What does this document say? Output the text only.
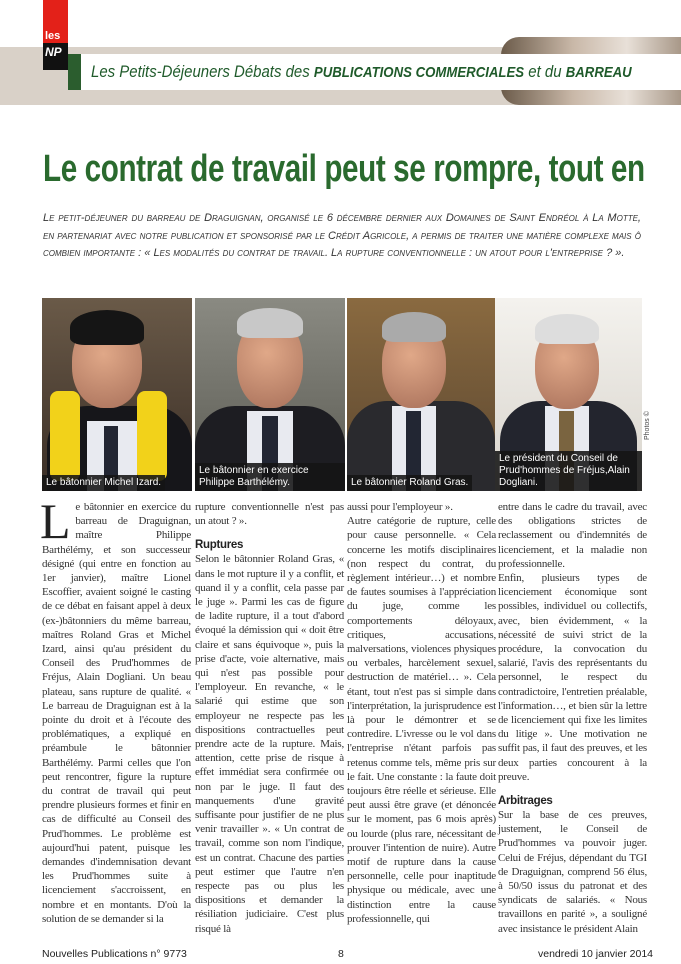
les
NP
Les Petits-Déjeuners Débats des PUBLICATIONS COMMERCIALES et du BARREAU
Le contrat de travail peut se rompre, tout en

Le petit-déjeuner du barreau de Draguignan, organisé le 6 décembre dernier aux Domaines de Saint Endréol à La Motte, en partenariat avec notre publication et sponsorisé par le Crédit Agricole, a permis de traiter une matière complexe mais ô combien importante : « Les modalités du contrat de travail. La rupture conventionnelle : un atout pour l'entreprise ? ».

Le bâtonnier Michel Izard.
Le bâtonnier en exercice Philippe Barthélémy.	Le bâtonnier Roland Gras.
Le président du Conseil de Prud'hommes de Fréjus,Alain Dogliani.
Photos ©
L e bâtonnier en exercice du barreau de Draguignan, maître Philippe Barthélémy, et son successeur désigné (qui entre en fonction au 1er janvier), maître Lionel Escoffier, avaient soigné le casting de ce débat en faisant appel à deux (ex-)bâtonniers du même barreau, maîtres Roland Gras et Michel Izard, ainsi qu'au président du Conseil des Prud'hommes de Fréjus, Alain Dogliani. Un beau plateau, sans rupture de qualité. « Le barreau de Draguignan est à la pointe du droit et à l'écoute des problématiques, a expliqué en préambule le bâtonnier Barthélémy. Parmi celles que l'on peut rencontrer, figure la rupture du contrat de travail qui peut prendre plusieurs formes et finir en cas de difficulté au Conseil des Prud'hommes. Le problème est aujourd'hui patent, puisque les demandes d'indemnisation devant les Prud'hommes suite à licenciement s'accroissent, en nombre et en montants. D'où la solution de se demander si la

rupture conventionnelle n'est pas un atout ? ».

Ruptures

Selon le bâtonnier Roland Gras, « dans le mot rupture il y a conflit, et quand il y a conflit, cela passe par le juge ». Parmi les cas de figure de ladite rupture, il a tout d'abord évoqué la démission qui « doit être claire et sans équivoque », puis la prise d'acte, voie alternative, mais qui n'est pas possible pour l'employeur. En revanche, « le salarié qui estime que son employeur ne respecte pas les dispositions contractuelles peut prendre acte de la rupture. Mais, attention, cette prise de risque à effet immédiat sera confirmée ou non par le juge. Il faut des manquements d'une gravité suffisante pour justifier de ne plus venir travailler ». « Un contrat de travail, comme son nom l'indique, est un contrat. Chacune des parties peut estimer que l'autre n'en respecte pas ou plus les dispositions et demander la résiliation judiciaire. C'est plus risqué là

aussi pour l'employeur ».

Autre catégorie de rupture, celle pour cause personnelle. « Cela concerne les motifs disciplinaires (non respect du contrat, du règlement intérieur…) et nombre de fautes soumises à l'appréciation du juge, comme les comportements déloyaux, critiques, accusations, malversations, violences physiques ou verbales, harcèlement sexuel, destruction de matériel… ». Cela étant, tout n'est pas si simple dans l'interprétation, la jurisprudence est là pour le démontrer et se contredire. L'ivresse ou le vol dans l'entreprise n'étant parfois pas retenus comme tels, même pris sur le fait. Une constante : la faute doit toujours être réelle et sérieuse. Elle peut aussi être grave (et dénoncée sur le moment, pas 6 mois après) ou lourde (plus rare, nécessitant de prouver l'intention de nuire). Autre motif de rupture dans la cause personnelle, celle pour inaptitude physique ou médicale, avec une distinction entre la cause professionnelle, qui

entre dans le cadre du travail, avec des obligations strictes de reclassement ou d'indemnités de licenciement, et la maladie non professionnelle.

Enfin, plusieurs types de licenciement économique sont possibles, individuel ou collectifs, avec, bien évidemment, « la nécessité de suivi strict de la procédure, la convocation du salarié, l'avis des représentants du personnel, le respect du contradictoire, l'entretien préalable, l'information…, et bien sûr la lettre de licenciement qui fixe les limites du litige ». Une motivation ne suffit pas, il faut des preuves, et les deux parties concourent à la preuve.

Arbitrages

Sur la base de ces preuves, justement, le Conseil de Prud'hommes va pouvoir juger. Celui de Fréjus, dépendant du TGI de Draguignan, comprend 56 élus, à 50/50 issus du patronat et des syndicats de salariés. « Nous travaillons en parité », a souligné avec insistance le président Alain

Nouvelles Publications n° 9773	8	vendredi 10 janvier 2014
